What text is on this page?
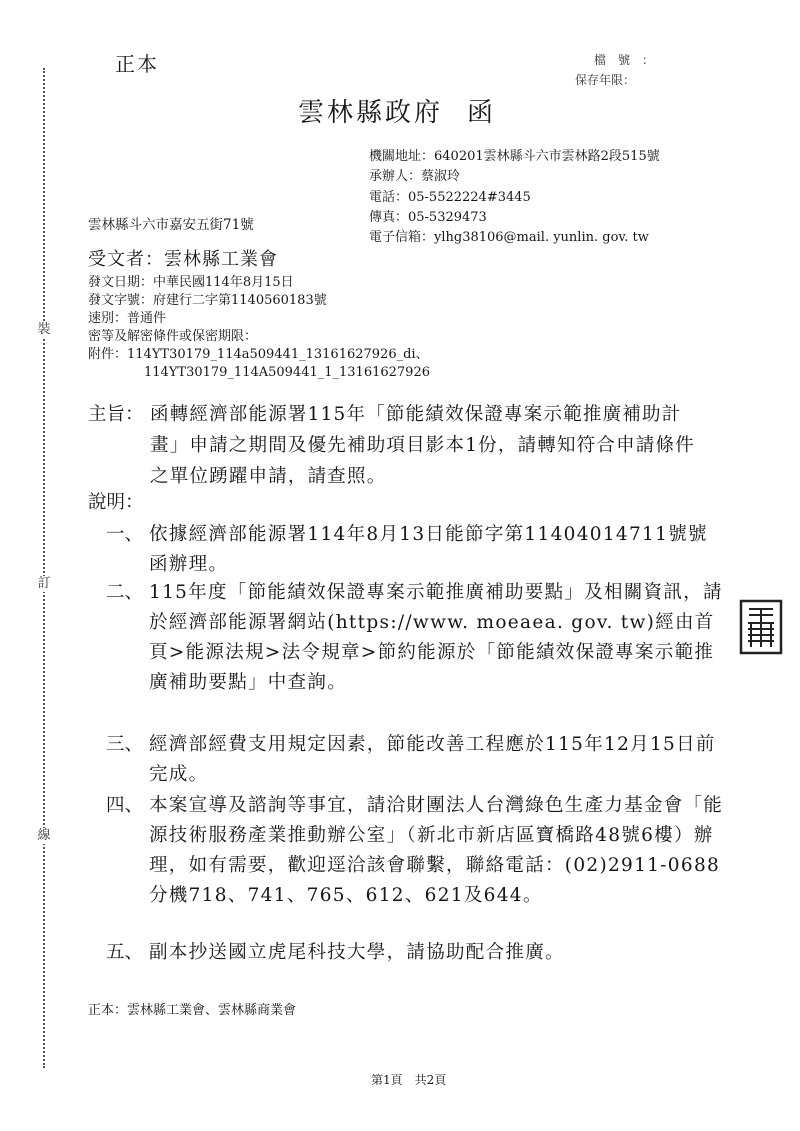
裝
訂
線
正本	檔號：
保存年限：
雲林縣政府 函
機關地址：640201雲林縣斗六市雲林路2段515號
承辦人：蔡淑玲
電話：05-5522224#3445
傳真：05-5329473
電子信箱：ylhg38106@mail. yunlin. gov. tw
雲林縣斗六市嘉安五街71號
受文者：雲林縣工業會
發文日期：中華民國114年8月15日
發文字號：府建行二字第1140560183號
速別：普通件
密等及解密條件或保密期限：
附件：114YT30179_114a509441_13161627926_di、
114YT30179_114A509441_1_13161627926
主旨： 函轉經濟部能源署115年「節能績效保證專案示範推廣補助計畫」申請之期間及優先補助項目影本1份，請轉知符合申請條件之單位踴躍申請，請查照。
說明：
一、 依據經濟部能源署114年8月13日能節字第11404014711號號函辦理。
二、 115年度「節能績效保證專案示範推廣補助要點」及相關資訊，請於經濟部能源署網站(https://www. moeaea. gov. tw)經由首頁>能源法規>法令規章>節約能源於「節能績效保證專案示範推廣補助要點」中查詢。
三、 經濟部經費支用規定因素，節能改善工程應於115年12月15日前完成。
四、 本案宣導及諮詢等事宜，請洽財團法人台灣綠色生產力基金會「能源技術服務產業推動辦公室」（新北市新店區寶橋路48號6樓）辦理，如有需要，歡迎逕洽該會聯繫，聯絡電話：(02)2911-0688分機718、741、765、612、621及644。
五、 副本抄送國立虎尾科技大學，請協助配合推廣。
正本：雲林縣工業會、雲林縣商業會
第1頁　共2頁
